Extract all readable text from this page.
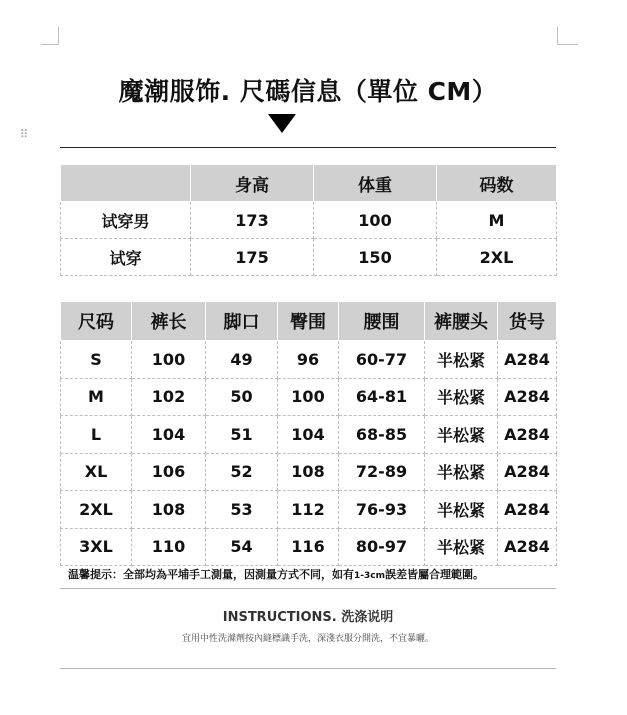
⠿
魔潮服饰. 尺碼信息（單位 CM）
	身高	体重	码数
试穿男	173	100	M
试穿	175	150	2XL
尺码	裤长	脚口	臀围	腰围	裤腰头	货号
S	100	49	96	60-77	半松紧	A284
M	102	50	100	64-81	半松紧	A284
L	104	51	104	68-85	半松紧	A284
XL	106	52	108	72-89	半松紧	A284
2XL	108	53	112	76-93	半松紧	A284
3XL	110	54	116	80-97	半松紧	A284
温馨提示：全部均為平埔手工測量，因測量方式不同，如有1-3cm誤差皆屬合理範圍。
INSTRUCTIONS. 洗涤说明
宜用中性洗滌劑按內縫標識手洗，深淺衣服分開洗，不宜暴曬。
